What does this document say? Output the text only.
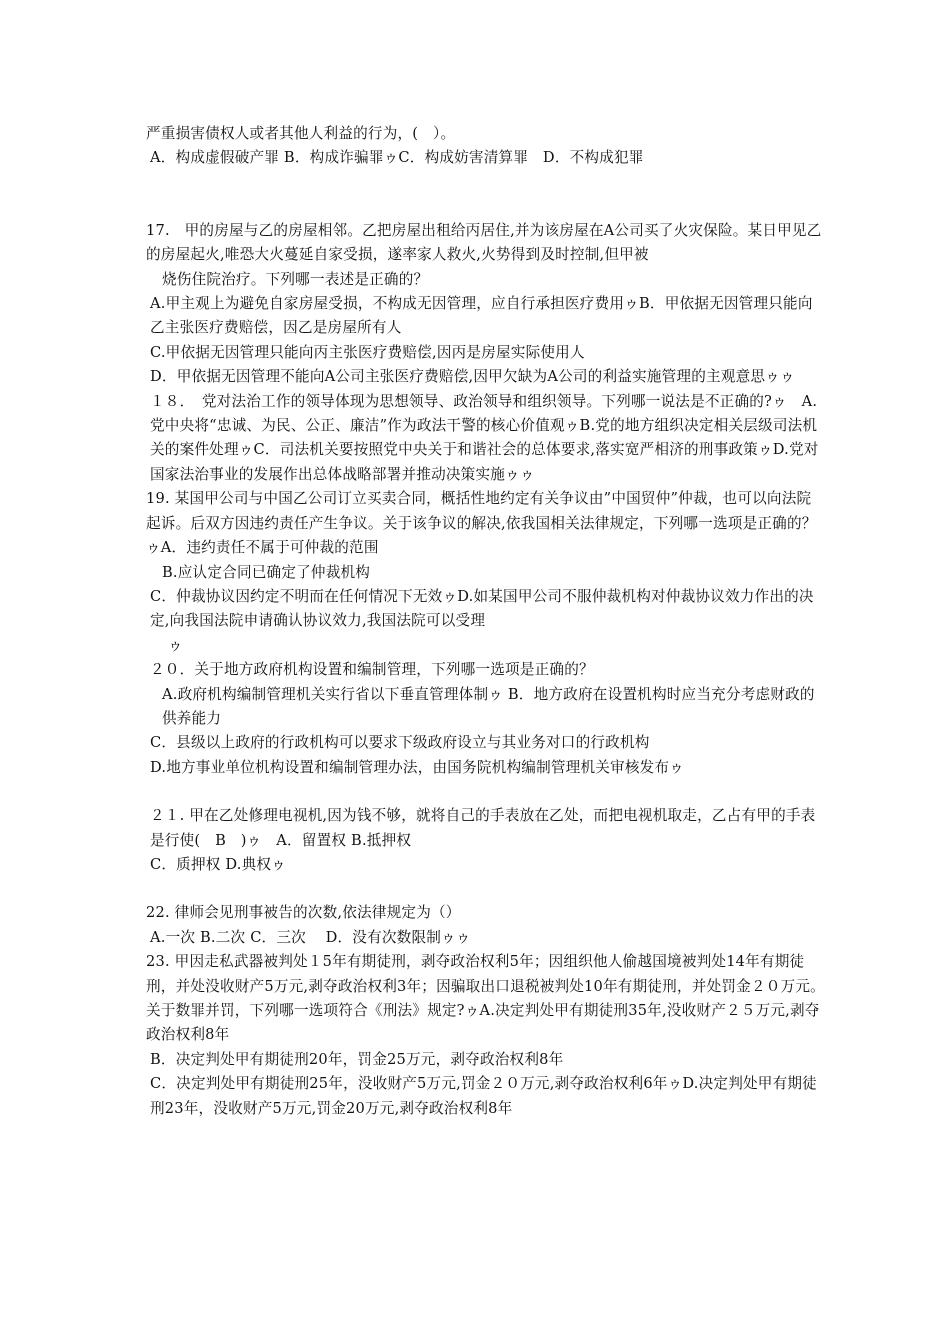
严重损害债权人或者其他人利益的行为，(　）。

A．构成虚假破产罪 B．构成诈骗罪ゥC．构成妨害清算罪　D．不构成犯罪

17.　甲的房屋与乙的房屋相邻。乙把房屋出租给丙居住,并为该房屋在A公司买了火灾保险。某日甲见乙的房屋起火,唯恐大火蔓延自家受损，遂率家人救火,火势得到及时控制,但甲被

烧伤住院治疗。下列哪一表述是正确的？

A.甲主观上为避免自家房屋受损，不构成无因管理，应自行承担医疗费用ゥB．甲依据无因管理只能向乙主张医疗费赔偿，因乙是房屋所有人

C.甲依据无因管理只能向丙主张医疗费赔偿,因丙是房屋实际使用人

D．甲依据无因管理不能向A公司主张医疗费赔偿,因甲欠缺为A公司的利益实施管理的主观意思ゥゥ

１８．　党对法治工作的领导体现为思想领导、政治领导和组织领导。下列哪一说法是不正确的?ゥ　A.党中央将“忠诚、为民、公正、廉洁”作为政法干警的核心价值观ゥB.党的地方组织决定相关层级司法机关的案件处理ゥC．司法机关要按照党中央关于和谐社会的总体要求,落实宽严相济的刑事政策ゥD.党对国家法治事业的发展作出总体战略部署并推动决策实施ゥゥ

19. 某国甲公司与中国乙公司订立买卖合同，概括性地约定有关争议由”中国贸仲”仲裁，也可以向法院起诉。后双方因违约责任产生争议。关于该争议的解决,依我国相关法律规定，下列哪一选项是正确的？ゥA．违约责任不属于可仲裁的范围

B.应认定合同已确定了仲裁机构

C．仲裁协议因约定不明而在任何情况下无效ゥD.如某国甲公司不服仲裁机构对仲裁协议效力作出的决定,向我国法院申请确认协议效力,我国法院可以受理

ゥ

２０．关于地方政府机构设置和编制管理，下列哪一选项是正确的？

A.政府机构编制管理机关实行省以下垂直管理体制ゥ B．地方政府在设置机构时应当充分考虑财政的供养能力

C．县级以上政府的行政机构可以要求下级政府设立与其业务对口的行政机构

D.地方事业单位机构设置和编制管理办法，由国务院机构编制管理机关审核发布ゥ

２１. 甲在乙处修理电视机,因为钱不够，就将自己的手表放在乙处，而把电视机取走，乙占有甲的手表是行使(　B　)ゥ　A．留置权 B.抵押权

C．质押权 D.典权ゥ

22. 律师会见刑事被告的次数,依法律规定为（）

A.一次 B.二次 C．三次　 D．没有次数限制ゥゥ

23. 甲因走私武器被判处１5年有期徒刑，剥夺政治权利5年；因组织他人偷越国境被判处14年有期徒刑，并处没收财产5万元,剥夺政治权利3年；因骗取出口退税被判处10年有期徒刑，并处罚金２０万元。关于数罪并罚，下列哪一选项符合《刑法》规定?ゥA.决定判处甲有期徒刑35年,没收财产２５万元,剥夺政治权利8年

B．决定判处甲有期徒刑20年，罚金25万元，剥夺政治权利8年

C．决定判处甲有期徒刑25年，没收财产5万元,罚金２０万元,剥夺政治权利6年ゥD.决定判处甲有期徒刑23年，没收财产5万元,罚金20万元,剥夺政治权利8年
